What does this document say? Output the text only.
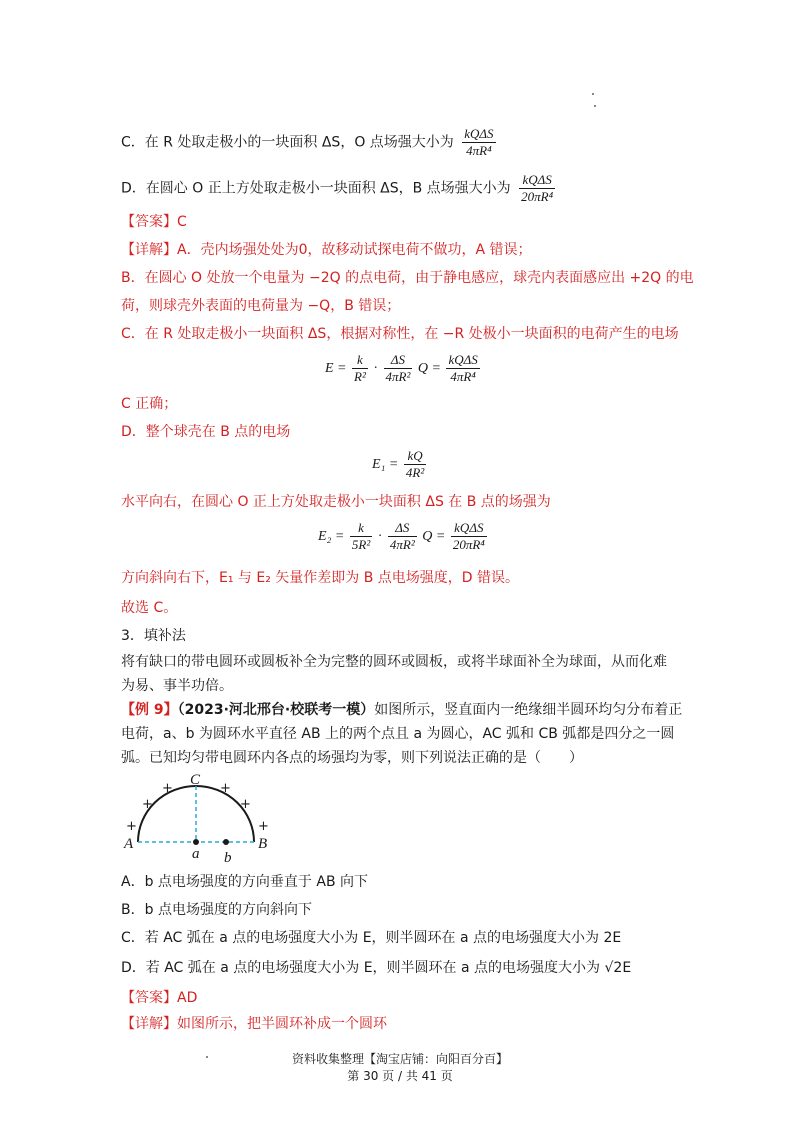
C．在 R 处取走极小的一块面积 ΔS，O 点场强大小为 $\frac{\text{kQΔS}}{\text{4πR⁴}}$
D．在圆心 O 正上方处取走极小一块面积 ΔS，B 点场强大小为 $\frac{\text{kQΔS}}{\text{20πR⁴}}$
【答案】C
【详解】A．壳内场强处处为0，故移动试探电荷不做功，A 错误；
B．在圆心 O 处放一个电量为 −2Q 的点电荷，由于静电感应，球壳内表面感应出 +2Q 的电
荷，则球壳外表面的电荷量为 −Q，B 错误；
C．在 R 处取走极小一块面积 ΔS，根据对称性，在 −R 处极小一块面积的电荷产生的电场
$E = \frac{k}{\text{R²}} \cdot \frac{\Delta S}{\text{4πR²}}$ $Q = \frac{\text{kQΔS}}{\text{4πR⁴}}$
C 正确；
D．整个球壳在 B 点的电场
$E_1 = \frac{kQ}{\text{4R²}}$
水平向右，在圆心 O 正上方处取走极小一块面积 ΔS 在 B 点的场强为
$E_2 = \frac{k}{\text{5R²}} \cdot \frac{\Delta S}{\text{4πR²}}$ $Q = \frac{\text{kQΔS}}{\text{20πR⁴}}$
方向斜向右下，E₁ 与 E₂ 矢量作差即为 B 点电场强度，D 错误。
故选 C。
3．填补法
将有缺口的带电圆环或圆板补全为完整的圆环或圆板，或将半球面补全为球面，从而化难
为易、事半功倍。
【例 9】（2023·河北邢台·校联考一模）如图所示，竖直面内一绝缘细半圆环均匀分布着正
电荷，a、b 为圆环水平直径 AB 上的两个点且 a 为圆心，AC 弧和 CB 弧都是四分之一圆
弧。已知均匀带电圆环内各点的场强均为零，则下列说法正确的是（　　）
A	B
C
a b
+
+
+	+
+
+
A．b 点电场强度的方向垂直于 AB 向下
B．b 点电场强度的方向斜向下
C．若 AC 弧在 a 点的电场强度大小为 E，则半圆环在 a 点的电场强度大小为 2E
D．若 AC 弧在 a 点的电场强度大小为 E，则半圆环在 a 点的电场强度大小为 √2E
【答案】AD
【详解】如图所示，把半圆环补成一个圆环
资料收集整理【淘宝店铺：向阳百分百】
第 30 页 / 共 41 页
